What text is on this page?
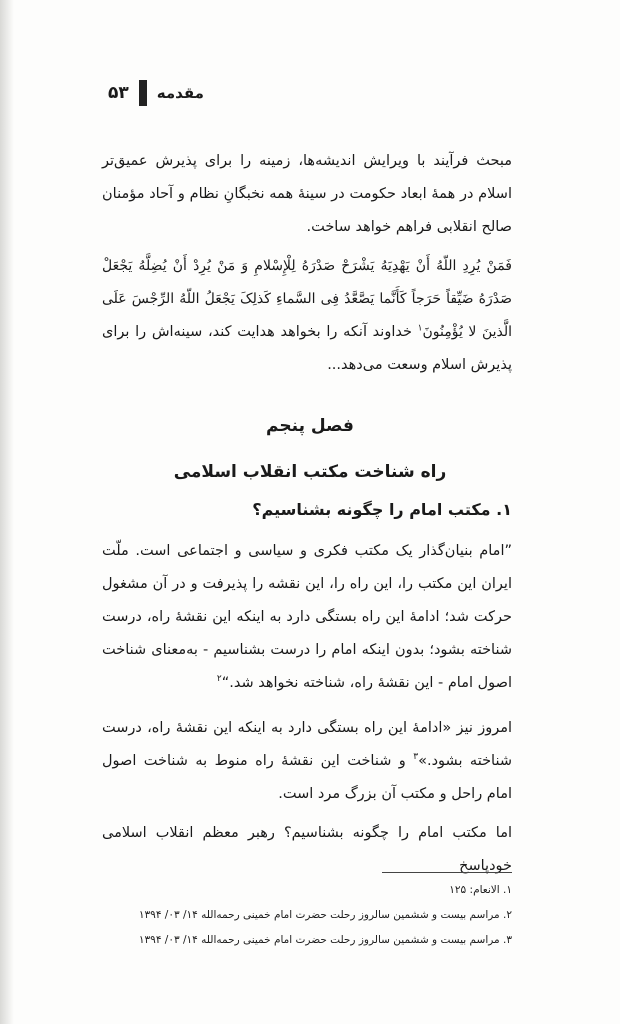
۵۳ مقدمه

مبحث فرآیند با ویرایش اندیشه‌ها، زمینه را برای پذیرش عمیق‌تر اسلام در همهٔ ابعاد حکومت در سینهٔ همه نخبگانِ نظام و آحاد مؤمنان صالح انقلابی فراهم خواهد ساخت.

فَمَنْ یُرِدِ اللّهُ أَنْ یَهْدِیَهُ یَشْرَحْ صَدْرَهُ لِلْإِسْلامِ وَ مَنْ یُرِدْ أَنْ یُضِلَّهُ یَجْعَلْ صَدْرَهُ ضَیِّقاً حَرَجاً کَأَنَّما یَصَّعَّدُ فِی السَّماءِ کَذلِکَ یَجْعَلُ اللّهُ الرِّجْسَ عَلَی الَّذینَ لا یُؤْمِنُونَ$^۱$ خداوند آنکه را بخواهد هدایت کند، سینه‌اش را برای پذیرش اسلام وسعت می‌دهد...

فصل پنجم
راه شناخت مکتب انقلاب اسلامی
۱. مکتب امام را چگونه بشناسیم؟

”امام بنیان‌گذار یک مکتب فکری و سیاسی و اجتماعی است. ملّت ایران این مکتب را، این راه را، این نقشه را پذیرفت و در آن مشغول حرکت شد؛ ادامهٔ این راه بستگی دارد به اینکه این نقشهٔ راه، درست شناخته بشود؛ بدون اینکه امام را درست بشناسیم - به‌معنای شناخت اصول امام - این نقشهٔ راه، شناخته نخواهد شد.“$^۲$

امروز نیز «ادامهٔ این راه بستگی دارد به اینکه این نقشهٔ راه، درست شناخته بشود.»$^۳$ و شناخت این نقشهٔ راه منوط به شناخت اصول امام راحل و مکتب آن بزرگ مرد است.

اما مکتب امام را چگونه بشناسیم؟ رهبر معظم انقلاب اسلامی خودپاسخ

۱. الانعام: ۱۲۵
۲. مراسم بیست و ششمین سالروز رحلت حضرت امام خمینی رحمه‌الله ۱۴/ ۰۳/ ۱۳۹۴
۳. مراسم بیست و ششمین سالروز رحلت حضرت امام خمینی رحمه‌الله ۱۴/ ۰۳/ ۱۳۹۴
